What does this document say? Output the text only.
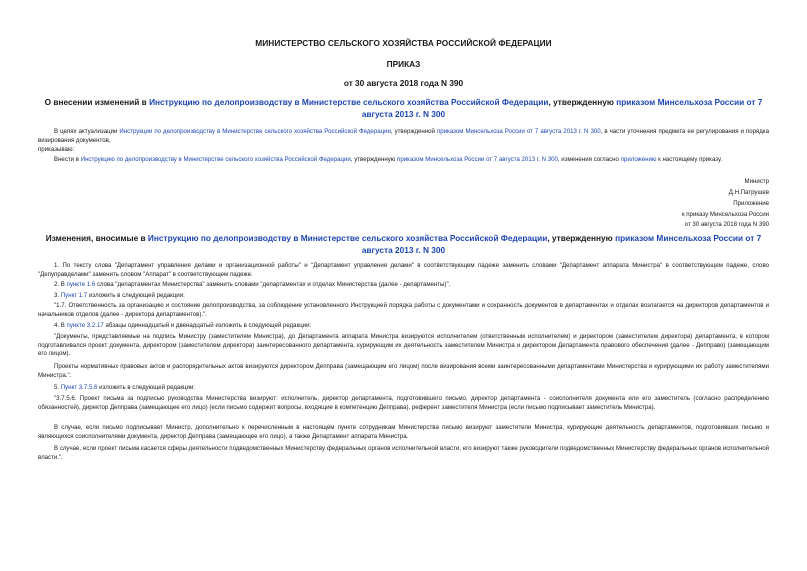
МИНИСТЕРСТВО СЕЛЬСКОГО ХОЗЯЙСТВА РОССИЙСКОЙ ФЕДЕРАЦИИ
ПРИКАЗ
от 30 августа 2018 года N 390
О внесении изменений в Инструкцию по делопроизводству в Министерстве сельского хозяйства Российской Федерации, утвержденную приказом Минсельхоза России от 7 августа 2013 г. N 300
В целях актуализации Инструкции по делопроизводству в Министерстве сельского хозяйства Российской Федерации, утвержденной приказом Минсельхоза России от 7 августа 2013 г. N 300, в части уточнения предмета ее регулирования и порядка визирования документов,
приказываю:
Внести в Инструкцию по делопроизводству в Министерстве сельского хозяйства Российской Федерации, утвержденную приказом Минсельхоза России от 7 августа 2013 г. N 300, изменения согласно приложению к настоящему приказу.
Министр
Д.Н.Патрушев
Приложение
к приказу Минсельхоза России
от 30 августа 2018 года N 390
Изменения, вносимые в Инструкцию по делопроизводству в Министерстве сельского хозяйства Российской Федерации, утвержденную приказом Минсельхоза России от 7 августа 2013 г. N 300
1. По тексту слова "Департамент управления делами и организационной работы" и "Департамент управления делами" в соответствующем падеже заменить словами "Департамент аппарата Министра" в соответствующем падеже, слово "Депуправделами" заменить словом "Аппарат" в соответствующем падеже.
2. В пункте 1.6 слова "департаментах Министерства" заменить словами "департаментах и отделах Министерства (далее - департаменты)".
3. Пункт 1.7 изложить в следующей редакции:
"1.7. Ответственность за организацию и состояние делопроизводства, за соблюдение установленного Инструкцией порядка работы с документами и сохранность документов в департаментах и отделах возлагается на директоров департаментов и начальников отделов (далее - директора департаментов).".
4. В пункте 3.2.17 абзацы одиннадцатый и двенадцатый изложить в следующей редакции:
"Документы, представляемые на подпись Министру (заместителям Министра), до Департамента аппарата Министра визируются исполнителем (ответственным исполнителем) и директором (заместителем директора) департамента, в котором подготавливался проект документа, директором (заместителем директора) заинтересованного департамента, курирующим их деятельность заместителем Министра и директором Департамента правового обеспечения (далее - Депправо) (замещающим его лицом).
Проекты нормативных правовых актов и распорядительных актов визируются директором Депправа (замещающим его лицом) после визирования всеми заинтересованными департаментами Министерства и курирующими их работу заместителями Министра.".
5. Пункт 3.7.5.6 изложить в следующей редакции:
"3.7.5.6. Проект письма за подписью руководства Министерства визируют: исполнитель, директор департамента, подготовившего письмо, директор департамента - соисполнителя документа или его заместитель (согласно распределению обязанностей), директор Депправа (замещающее его лицо) (если письмо содержит вопросы, входящие в компетенцию Депправа), референт заместителя Министра (если письмо подписывает заместитель Министра).
В случае, если письмо подписывает Министр, дополнительно к перечисленным в настоящем пункте сотрудникам Министерства письмо визируют заместители Министра, курирующие деятельность департаментов, подготовивших письмо и являющихся соисполнителями документа, директор Депправа (замещающее его лицо), а также Департамент аппарата Министра.
В случае, если проект письма касается сферы деятельности подведомственных Министерству федеральных органов исполнительной власти, его визируют также руководители подведомственных Министерству федеральных органов исполнительной власти.".
